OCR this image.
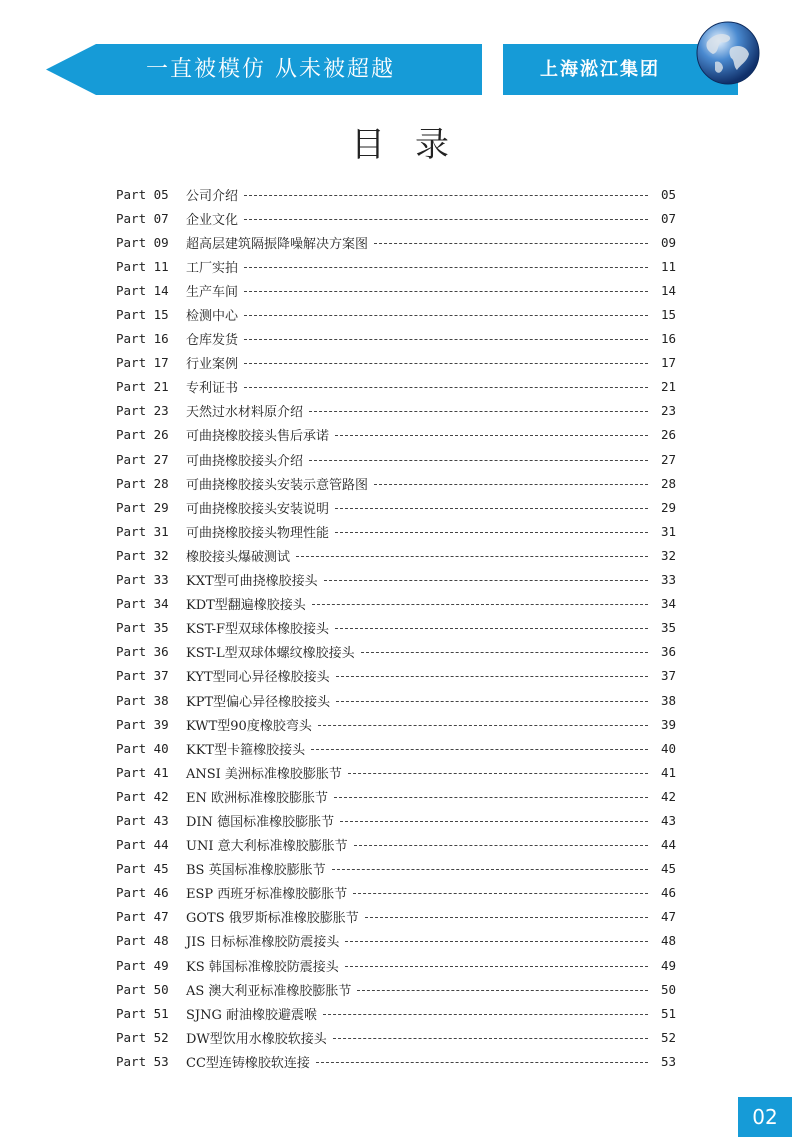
一直被模仿 从未被超越	上海淞江集团
目录
Part 05	公司介绍	05
Part 07	企业文化	07
Part 09	超高层建筑隔振降噪解决方案图	09
Part 11	工厂实拍	11
Part 14	生产车间	14
Part 15	检测中心	15
Part 16	仓库发货	16
Part 17	行业案例	17
Part 21	专利证书	21
Part 23	天然过水材料原介绍	23
Part 26	可曲挠橡胶接头售后承诺	26
Part 27	可曲挠橡胶接头介绍	27
Part 28	可曲挠橡胶接头安装示意管路图	28
Part 29	可曲挠橡胶接头安装说明	29
Part 31	可曲挠橡胶接头物理性能	31
Part 32	橡胶接头爆破测试	32
Part 33	KXT型可曲挠橡胶接头	33
Part 34	KDT型翻遍橡胶接头	34
Part 35	KST-F型双球体橡胶接头	35
Part 36	KST-L型双球体螺纹橡胶接头	36
Part 37	KYT型同心异径橡胶接头	37
Part 38	KPT型偏心异径橡胶接头	38
Part 39	KWT型90度橡胶弯头	39
Part 40	KKT型卡箍橡胶接头	40
Part 41	ANSI 美洲标准橡胶膨胀节	41
Part 42	EN 欧洲标准橡胶膨胀节	42
Part 43	DIN 德国标准橡胶膨胀节	43
Part 44	UNI 意大利标准橡胶膨胀节	44
Part 45	BS 英国标准橡胶膨胀节	45
Part 46	ESP 西班牙标准橡胶膨胀节	46
Part 47	GOTS 俄罗斯标准橡胶膨胀节	47
Part 48	JIS 日标标准橡胶防震接头	48
Part 49	KS 韩国标准橡胶防震接头	49
Part 50	AS 澳大利亚标准橡胶膨胀节	50
Part 51	SJNG 耐油橡胶避震喉	51
Part 52	DW型饮用水橡胶软接头	52
Part 53	CC型连铸橡胶软连接	53
02
